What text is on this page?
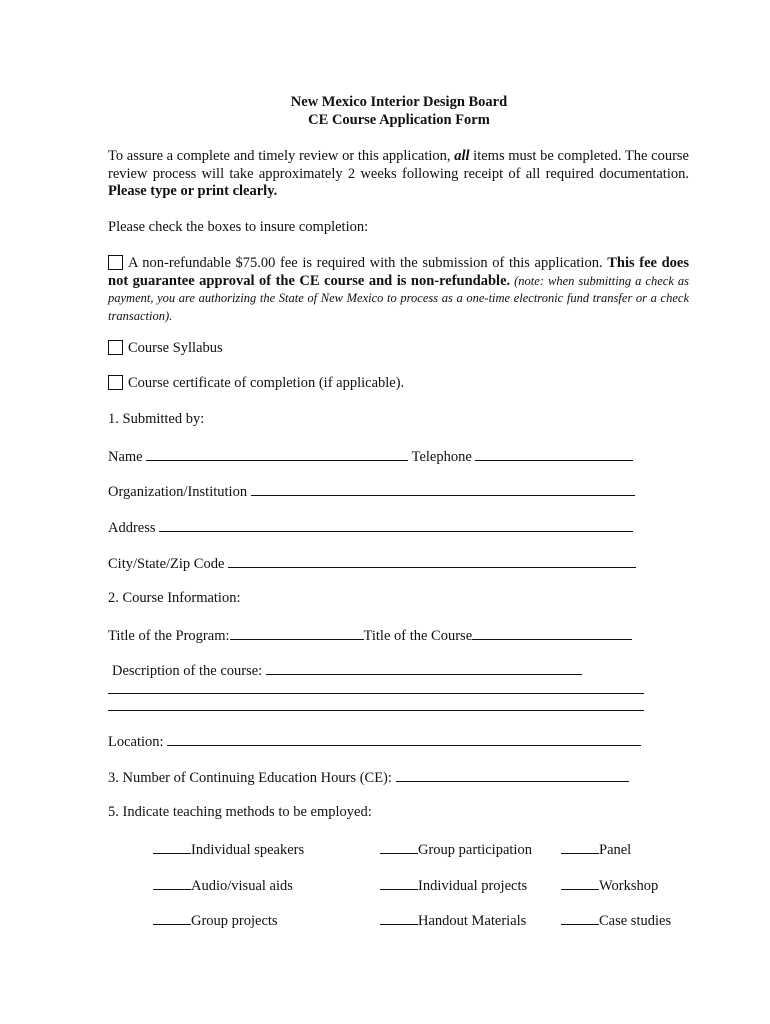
New Mexico Interior Design Board
CE Course Application Form
To assure a complete and timely review or this application, all items must be completed. The course review process will take approximately 2 weeks following receipt of all required documentation. Please type or print clearly.
Please check the boxes to insure completion:
A non-refundable $75.00 fee is required with the submission of this application. This fee does not guarantee approval of the CE course and is non-refundable. (note: when submitting a check as payment, you are authorizing the State of New Mexico to process as a one-time electronic fund transfer or a check transaction).
Course Syllabus
Course certificate of completion (if applicable).
1. Submitted by:
Name	Telephone
Organization/Institution
Address
City/State/Zip Code
2. Course Information:
Title of the Program:	Title of the Course
Description of the course:
Location:
3. Number of Continuing Education Hours (CE):
5. Indicate teaching methods to be employed:
Individual speakers	Group participation	Panel
Audio/visual aids	Individual projects	Workshop
Group projects	Handout Materials	Case studies
